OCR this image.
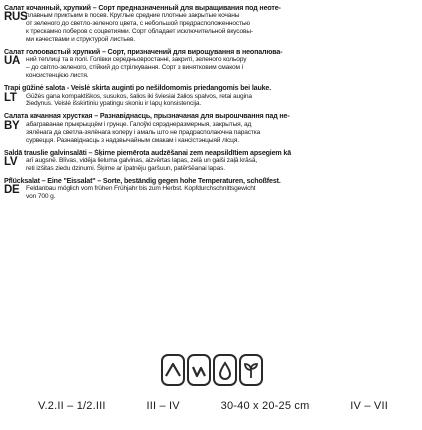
Салат кочанный, хрупкий – Сорт предназначенный для выращивания под неоте-
RUS
плавным приктыим в посев. Круглые средние плотные закрытые кочаны
от зеленого до светло-зеленого цвета, с небольшой предрасположенностью
к трескамно поберов с соцветиями. Сорт обладает исключительной вкусовы-
ми качествами и структурой листьев.
Салат голоовастый хрупкий – Сорт, призначений для вирощування в неопалюва-
UA ний теплиці та в полі. Голівки середньовростанні, закриті, зеленого кольору
– до світло-зеленого, стійкий до стрілкування. Сорт з винятковим смаком і
консистенцією листя.
Trapi gūžinė salota - Veislė skirta auginti po nešildomomis priedangomis bei lauke.
LT	Gūžės gana kompaktiškos, susukos, šalios iki šviesiai žalios spalvos, retai augina
žiedynus. Veislė išskirtiniu ypatingu skoniu ir lapų konsistencija.
Салата качанная хрусткая – Разнавіднасць, прызначаная для вырошчвання пад не-
BY	абаграванае прыкрыццём і грунце. Галоўкі сярэднеразмерныя, закрытыя, ад
зялёнага да светла-зялёнага колеру і амаль што не прадрасполаючна парастка
сурвецця. Разнавіднасць з надзвычайным смакам і кансістэнцыяй лісця.
Saldā trauslie galvinsalāti – Šķirne piemērota audzēšanai zem neapsildītiem apsegiem kā
LV	arī augsnē. Blīvas, vidēja lieluma galvinas, aizvērtas lapas, zelā un gaiši zaļā krāsā,
reti izšitas ziedu dzinumi. Šķirne ar īpatnēju garšuun, patēršēanai lapas.
Pflücksalat – Eine "Eissalat" – Sorte, beständig gegen hohe Temperaturen, schoßfest.
DE	Feldanbau möglich vom frühen Frühjahr bis zum Herbst. Kopfdurchschnittsgewicht
von 700 g.
V.2.II – 1/2.III	III – IV	30-40 x 20-25 cm	IV – VII
